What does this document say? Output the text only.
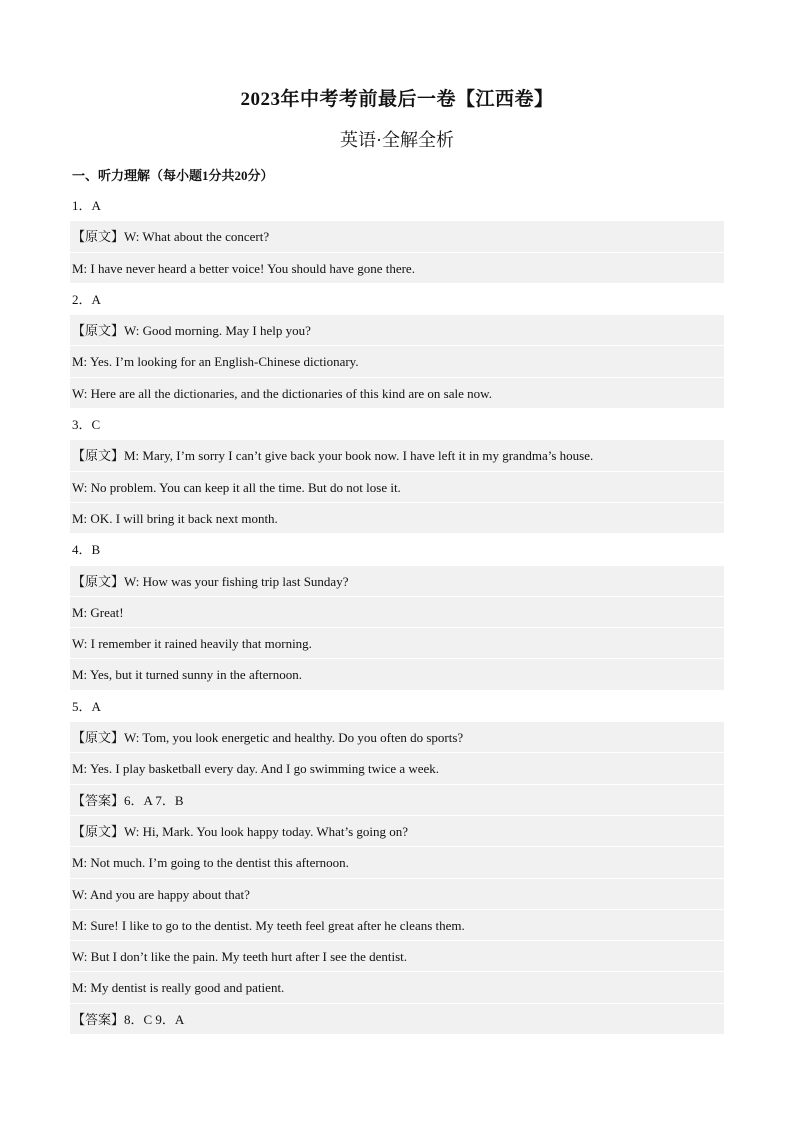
2023年中考考前最后一卷【江西卷】
英语·全解全析
一、听力理解（每小题1分共20分）
1．A
【原文】W: What about the concert?
M: I have never heard a better voice! You should have gone there.
2．A
【原文】W: Good morning. May I help you?
M: Yes. I’m looking for an English-Chinese dictionary.
W: Here are all the dictionaries, and the dictionaries of this kind are on sale now.
3．C
【原文】M: Mary, I’m sorry I can’t give back your book now. I have left it in my grandma’s house.
W: No problem. You can keep it all the time. But do not lose it.
M: OK. I will bring it back next month.
4．B
【原文】W: How was your fishing trip last Sunday?
M: Great!
W: I remember it rained heavily that morning.
M: Yes, but it turned sunny in the afternoon.
5．A
【原文】W: Tom, you look energetic and healthy. Do you often do sports?
M: Yes. I play basketball every day. And I go swimming twice a week.
【答案】6．A 7．B
【原文】W: Hi, Mark. You look happy today. What’s going on?
M: Not much. I’m going to the dentist this afternoon.
W: And you are happy about that?
M: Sure! I like to go to the dentist. My teeth feel great after he cleans them.
W: But I don’t like the pain. My teeth hurt after I see the dentist.
M: My dentist is really good and patient.
【答案】8．C 9．A
